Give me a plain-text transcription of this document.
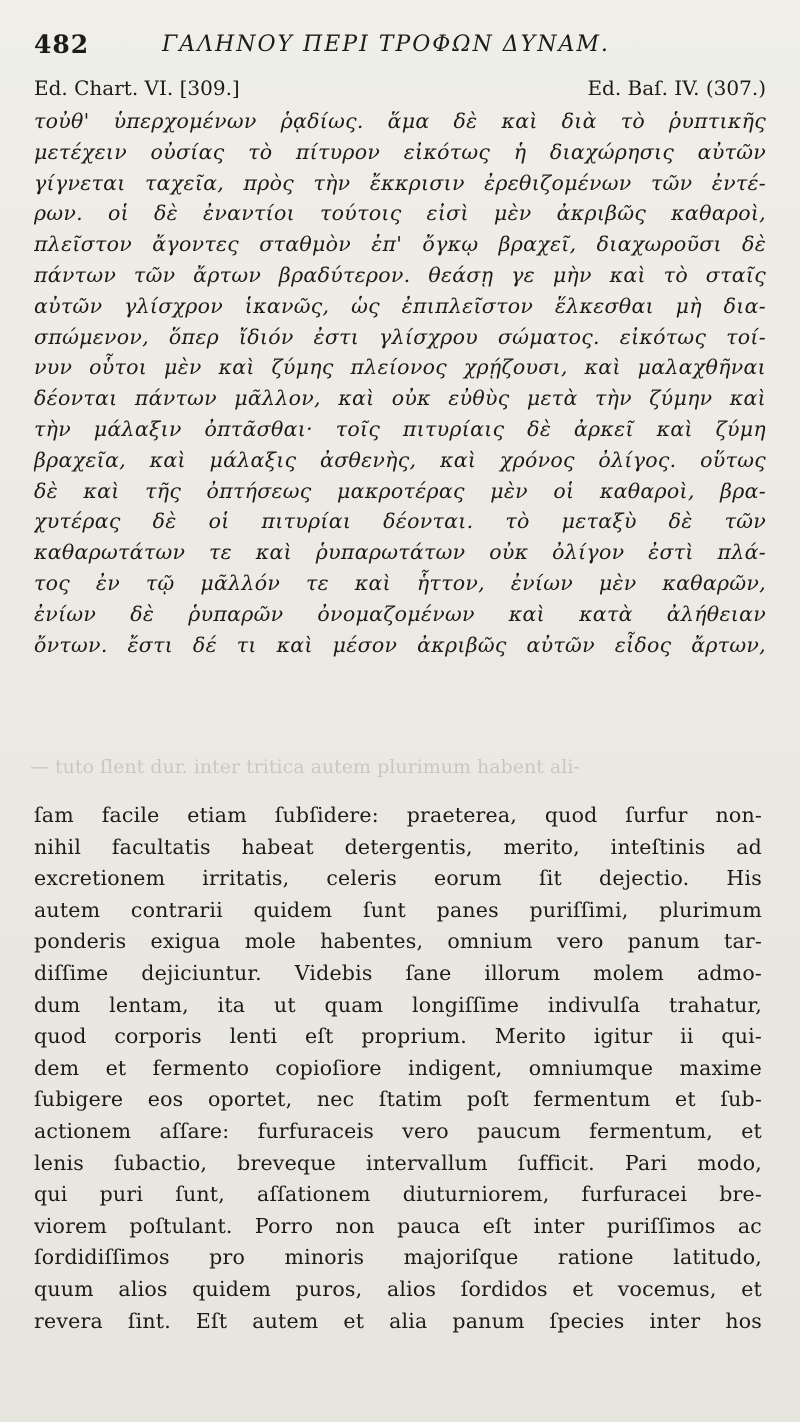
482	ΓΑΛΗΝΟΥ ΠΕΡΙ ΤΡΟΦΩΝ ΔΥΝΑΜ.
Ed. Chart. VI. [309.]	Ed. Baſ. IV. (307.)
τοὐθ' ὑπερχομένων ῥᾳδίως. ἅμα δὲ καὶ διὰ τὸ ῥυπτικῆς
μετέχειν οὐσίας τὸ πίτυρον εἰκότως ἡ διαχώρησις αὐτῶν
γίγνεται ταχεῖα, πρὸς τὴν ἔκκρισιν ἐρεθιζομένων τῶν ἐντέ-
ρων. οἱ δὲ ἐναντίοι τούτοις εἰσὶ μὲν ἀκριβῶς καθαροὶ,
πλεῖστον ἄγοντες σταθμὸν ἐπ' ὄγκῳ βραχεῖ, διαχωροῦσι δὲ
πάντων τῶν ἄρτων βραδύτερον. θεάσῃ γε μὴν καὶ τὸ σταῖς
αὐτῶν γλίσχρον ἱκανῶς, ὡς ἐπιπλεῖστον ἕλκεσθαι μὴ δια-
σπώμενον, ὅπερ ἴδιόν ἐστι γλίσχρου σώματος. εἰκότως τοί-
νυν οὗτοι μὲν καὶ ζύμης πλείονος χρῄζουσι, καὶ μαλαχθῆναι
δέονται πάντων μᾶλλον, καὶ οὐκ εὐθὺς μετὰ τὴν ζύμην καὶ
τὴν μάλαξιν ὀπτᾶσθαι· τοῖς πιτυρίαις δὲ ἀρκεῖ καὶ ζύμη
βραχεῖα, καὶ μάλαξις ἀσθενὴς, καὶ χρόνος ὀλίγος. οὕτως
δὲ καὶ τῆς ὀπτήσεως μακροτέρας μὲν οἱ καθαροὶ, βρα-
χυτέρας δὲ οἱ πιτυρίαι δέονται. τὸ μεταξὺ δὲ τῶν
καθαρωτάτων τε καὶ ῥυπαρωτάτων οὐκ ὀλίγον ἐστὶ πλά-
τος ἐν τῷ μᾶλλόν τε καὶ ἧττον, ἐνίων μὲν καθαρῶν,
ἐνίων δὲ ῥυπαρῶν ὀνομαζομένων καὶ κατὰ ἀλήθειαν
ὄντων. ἔστι δέ τι καὶ μέσον ἀκριβῶς αὐτῶν εἶδος ἄρτων,
— tuto ſlent dur. inter tritica autem plurimum habent ali-
ſam facile etiam ſubſidere: praeterea, quod ſurfur non-
nihil facultatis habeat detergentis, merito, inteſtinis ad
excretionem irritatis, celeris eorum ſit dejectio. His
autem contrarii quidem ſunt panes puriſſimi, plurimum
ponderis exigua mole habentes, omnium vero panum tar-
diſſime dejiciuntur. Videbis ſane illorum molem admo-
dum lentam, ita ut quam longiſſime indivulſa trahatur,
quod corporis lenti eſt proprium. Merito igitur ii qui-
dem et fermento copioſiore indigent, omniumque maxime
ſubigere eos oportet, nec ſtatim poſt fermentum et ſub-
actionem aſſare: furfuraceis vero paucum fermentum, et
lenis ſubactio, breveque intervallum ſufficit. Pari modo,
qui puri ſunt, aſſationem diuturniorem, furfuracei bre-
viorem poſtulant. Porro non pauca eſt inter puriſſimos ac
ſordidiſſimos pro minoris majoriſque ratione latitudo,
quum alios quidem puros, alios ſordidos et vocemus, et
revera ſint. Eſt autem et alia panum ſpecies inter hos
